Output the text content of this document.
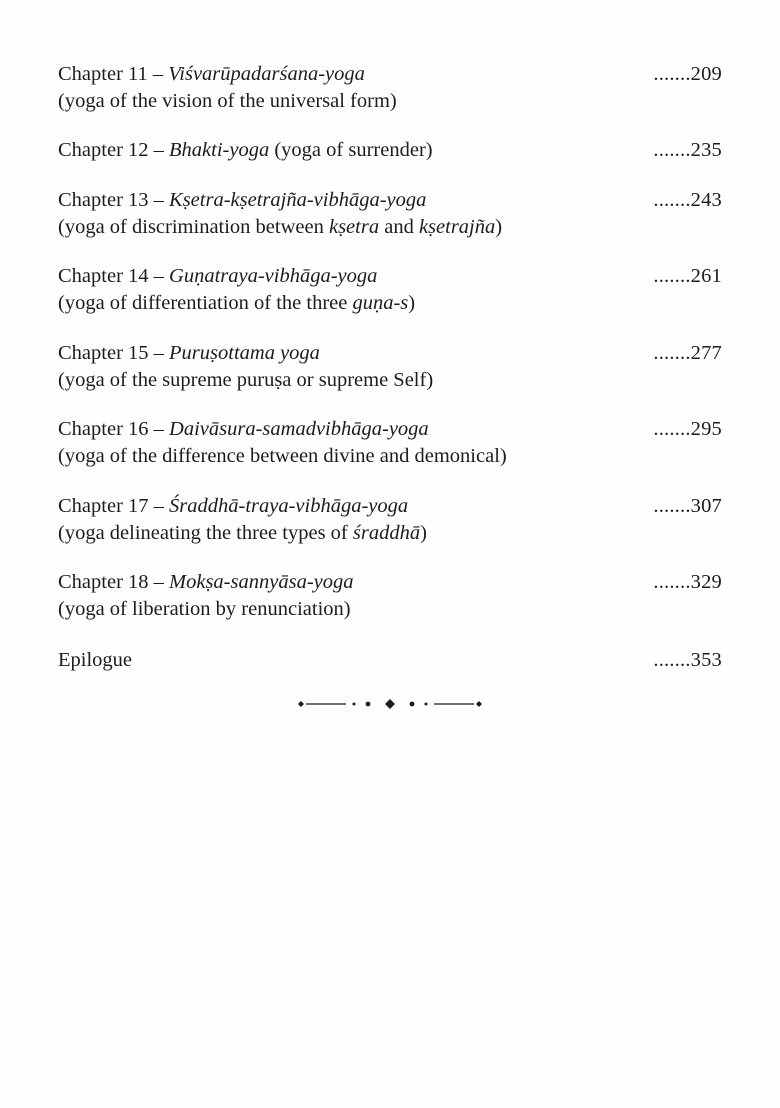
Chapter 11 – Viśvarūpadarśana-yoga
(yoga of the vision of the universal form)
.......209
Chapter 12 – Bhakti-yoga (yoga of surrender)	.......235
Chapter 13 – Kṣetra-kṣetrajña-vibhāga-yoga
(yoga of discrimination between kṣetra and kṣetrajña)
.......243
Chapter 14 – Guṇatraya-vibhāga-yoga
(yoga of differentiation of the three guṇa-s)
.......261
Chapter 15 – Puruṣottama yoga
(yoga of the supreme puruṣa or supreme Self)
.......277
Chapter 16 – Daivāsura-samadvibhāga-yoga
(yoga of the difference between divine and demonical)
.......295
Chapter 17 – Śraddhā-traya-vibhāga-yoga
(yoga delineating the three types of śraddhā)
.......307
Chapter 18 – Mokṣa-sannyāsa-yoga
(yoga of liberation by renunciation)
.......329
Epilogue	.......353
